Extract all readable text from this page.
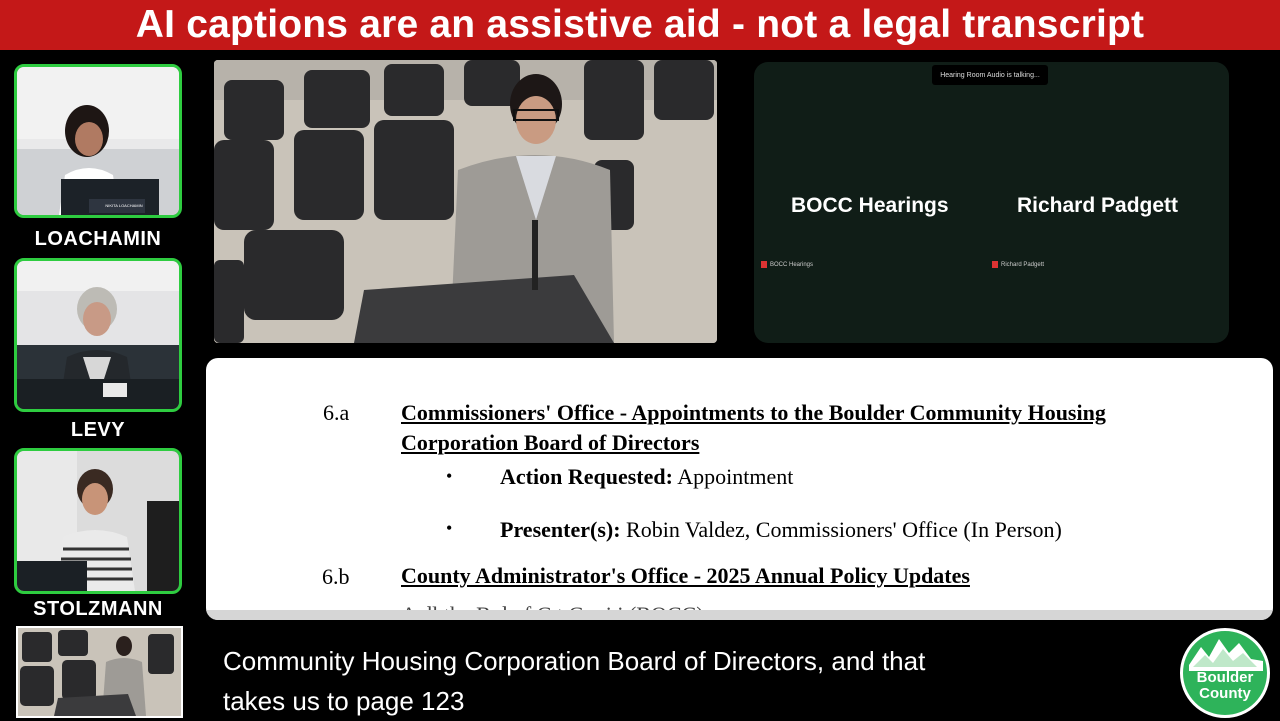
AI captions are an assistive aid - not a legal transcript
NIKITA LOACHAMIN
LOACHAMIN
LEVY
STOLZMANN
Hearing Room Audio is talking...
BOCC Hearings	Richard Padgett
BOCC Hearings	Richard Padgett
6.a Commissioners' Office - Appointments to the Boulder Community Housing
Corporation Board of Directors
• Action Requested: Appointment
• Presenter(s): Robin Valdez, Commissioners' Office (In Person)
6.b County Administrator's Office - 2025 Annual Policy Updates
Community Housing Corporation Board of Directors, and that
takes us to page 123
Boulder
County
